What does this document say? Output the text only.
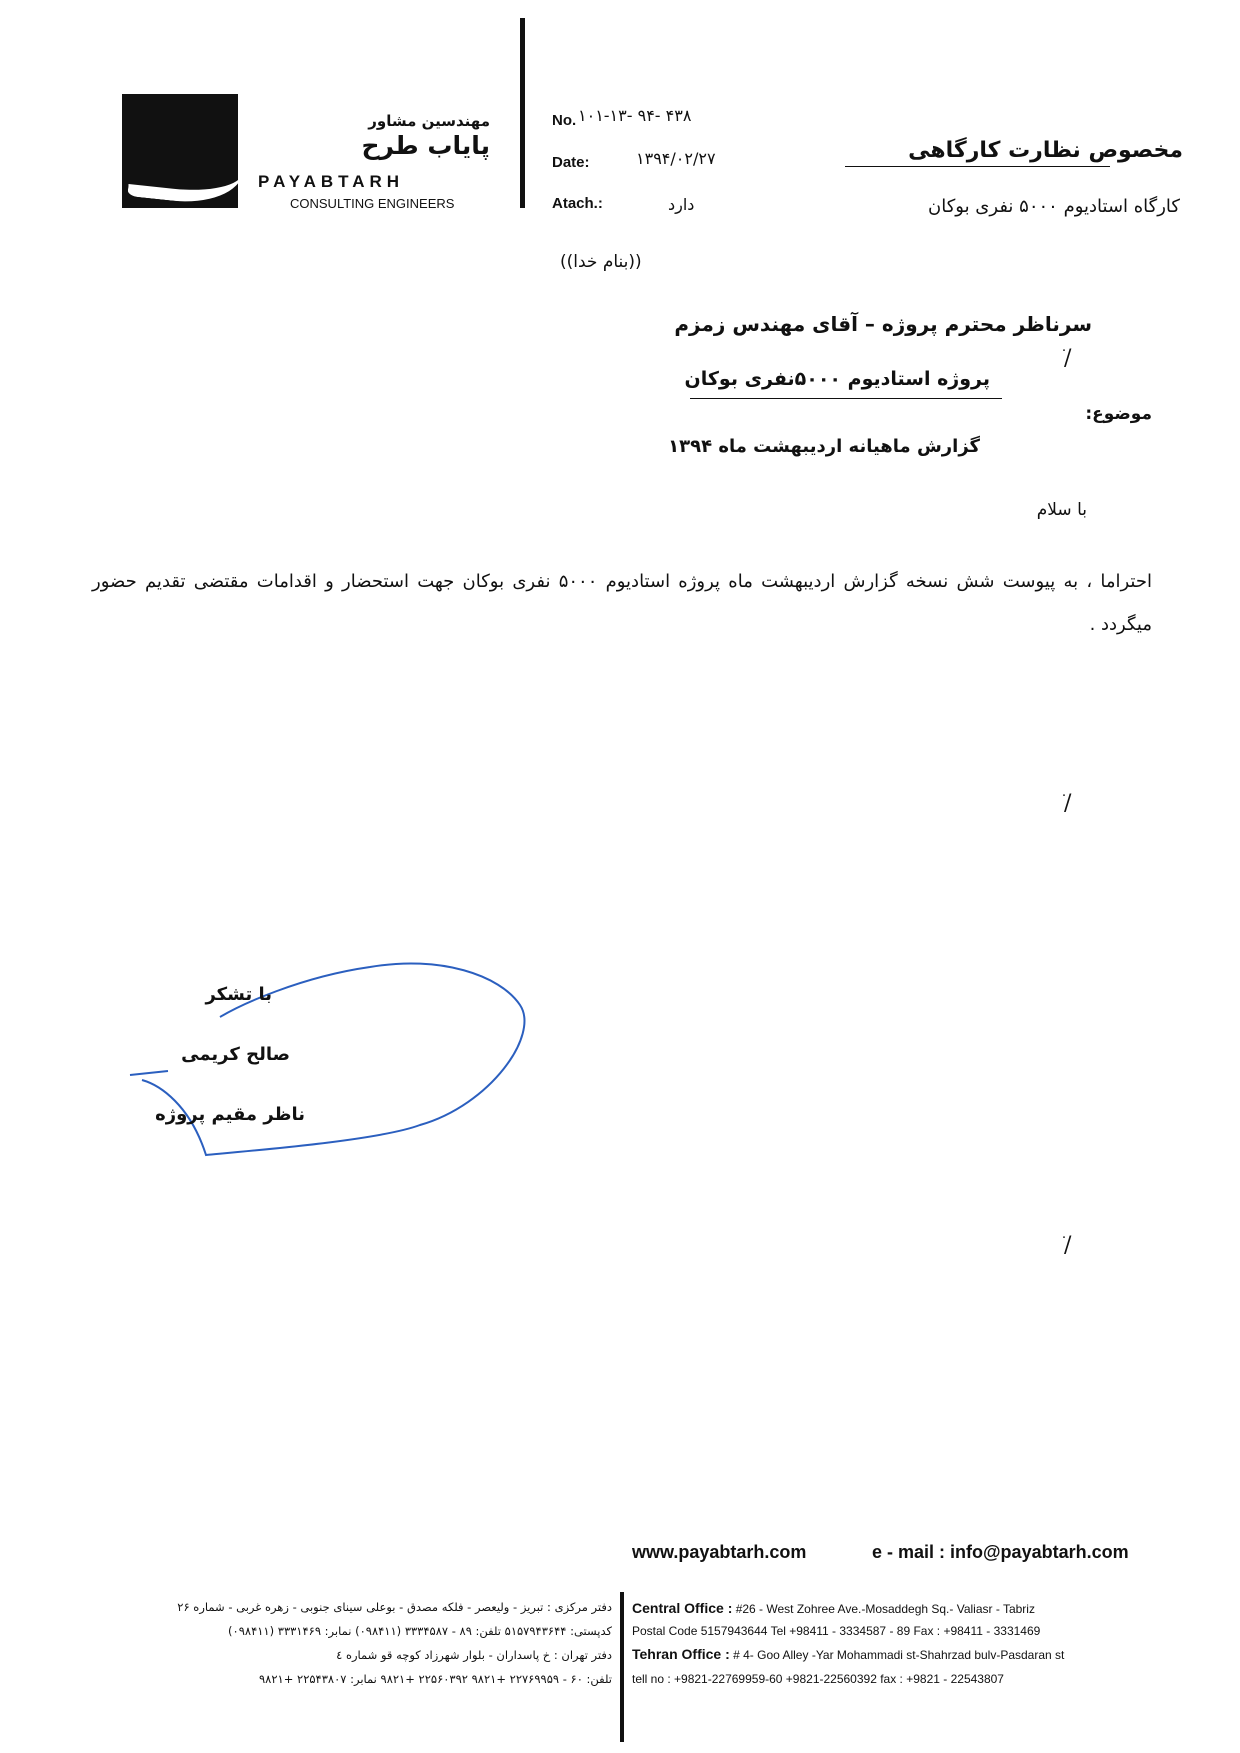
مهندسین مشاور
پایاب طرح
PAYABTARH
CONSULTING ENGINEERS
No. ۱۰۱-۱۳- ۹۴- ۴۳۸
Date:	۱۳۹۴/۰۲/۲۷
Atach.:	دارد
مخصوص نظارت کارگاهی
کارگاه استادیوم ۵۰۰۰ نفری بوکان
((بنام خدا))
سرناظر محترم پروژه – آقای مهندس زمزم
پروژه استادیوم ۵۰۰۰نفری بوکان
موضوع:
گزارش ماهیانه اردیبهشت ماه ۱۳۹۴
با سلام
احتراما ، به پیوست شش نسخه گزارش اردیبهشت ماه پروژه استادیوم ۵۰۰۰ نفری بوکان جهت استحضار و اقدامات مقتضی تقدیم حضور میگردد .
ׂ/
ׂ/
ׂ/
با تشکر
صالح کریمی
ناظر مقیم پروژه
www.payabtarh.com	e - mail : info@payabtarh.com
Central Office : #26 - West Zohree Ave.-Mosaddegh Sq.- Valiasr - Tabriz
Postal Code 5157943644 Tel +98411 - 3334587 - 89 Fax : +98411 - 3331469
Tehran Office : # 4- Goo Alley -Yar Mohammadi st-Shahrzad bulv-Pasdaran st
tell no : +9821-22769959-60 +9821-22560392 fax : +9821 - 22543807
دفتر مرکزی : تبریز - ولیعصر - فلکه مصدق - بوعلی سینای جنوبی - زهره غربی - شماره ۲۶
کدپستی: ۵۱۵۷۹۴۳۶۴۴ تلفن: ۸۹ - ۳۳۳۴۵۸۷ (۰۹۸۴۱۱) نمابر: ۳۳۳۱۴۶۹ (۰۹۸۴۱۱)
دفتر تهران : خ پاسداران - بلوار شهرزاد کوچه قو شماره ٤
تلفن: ۶۰ - ۲۲۷۶۹۹۵۹ +۹۸۲۱ ۲۲۵۶۰۳۹۲ +۹۸۲۱ نمابر: ۲۲۵۴۳۸۰۷ +۹۸۲۱
